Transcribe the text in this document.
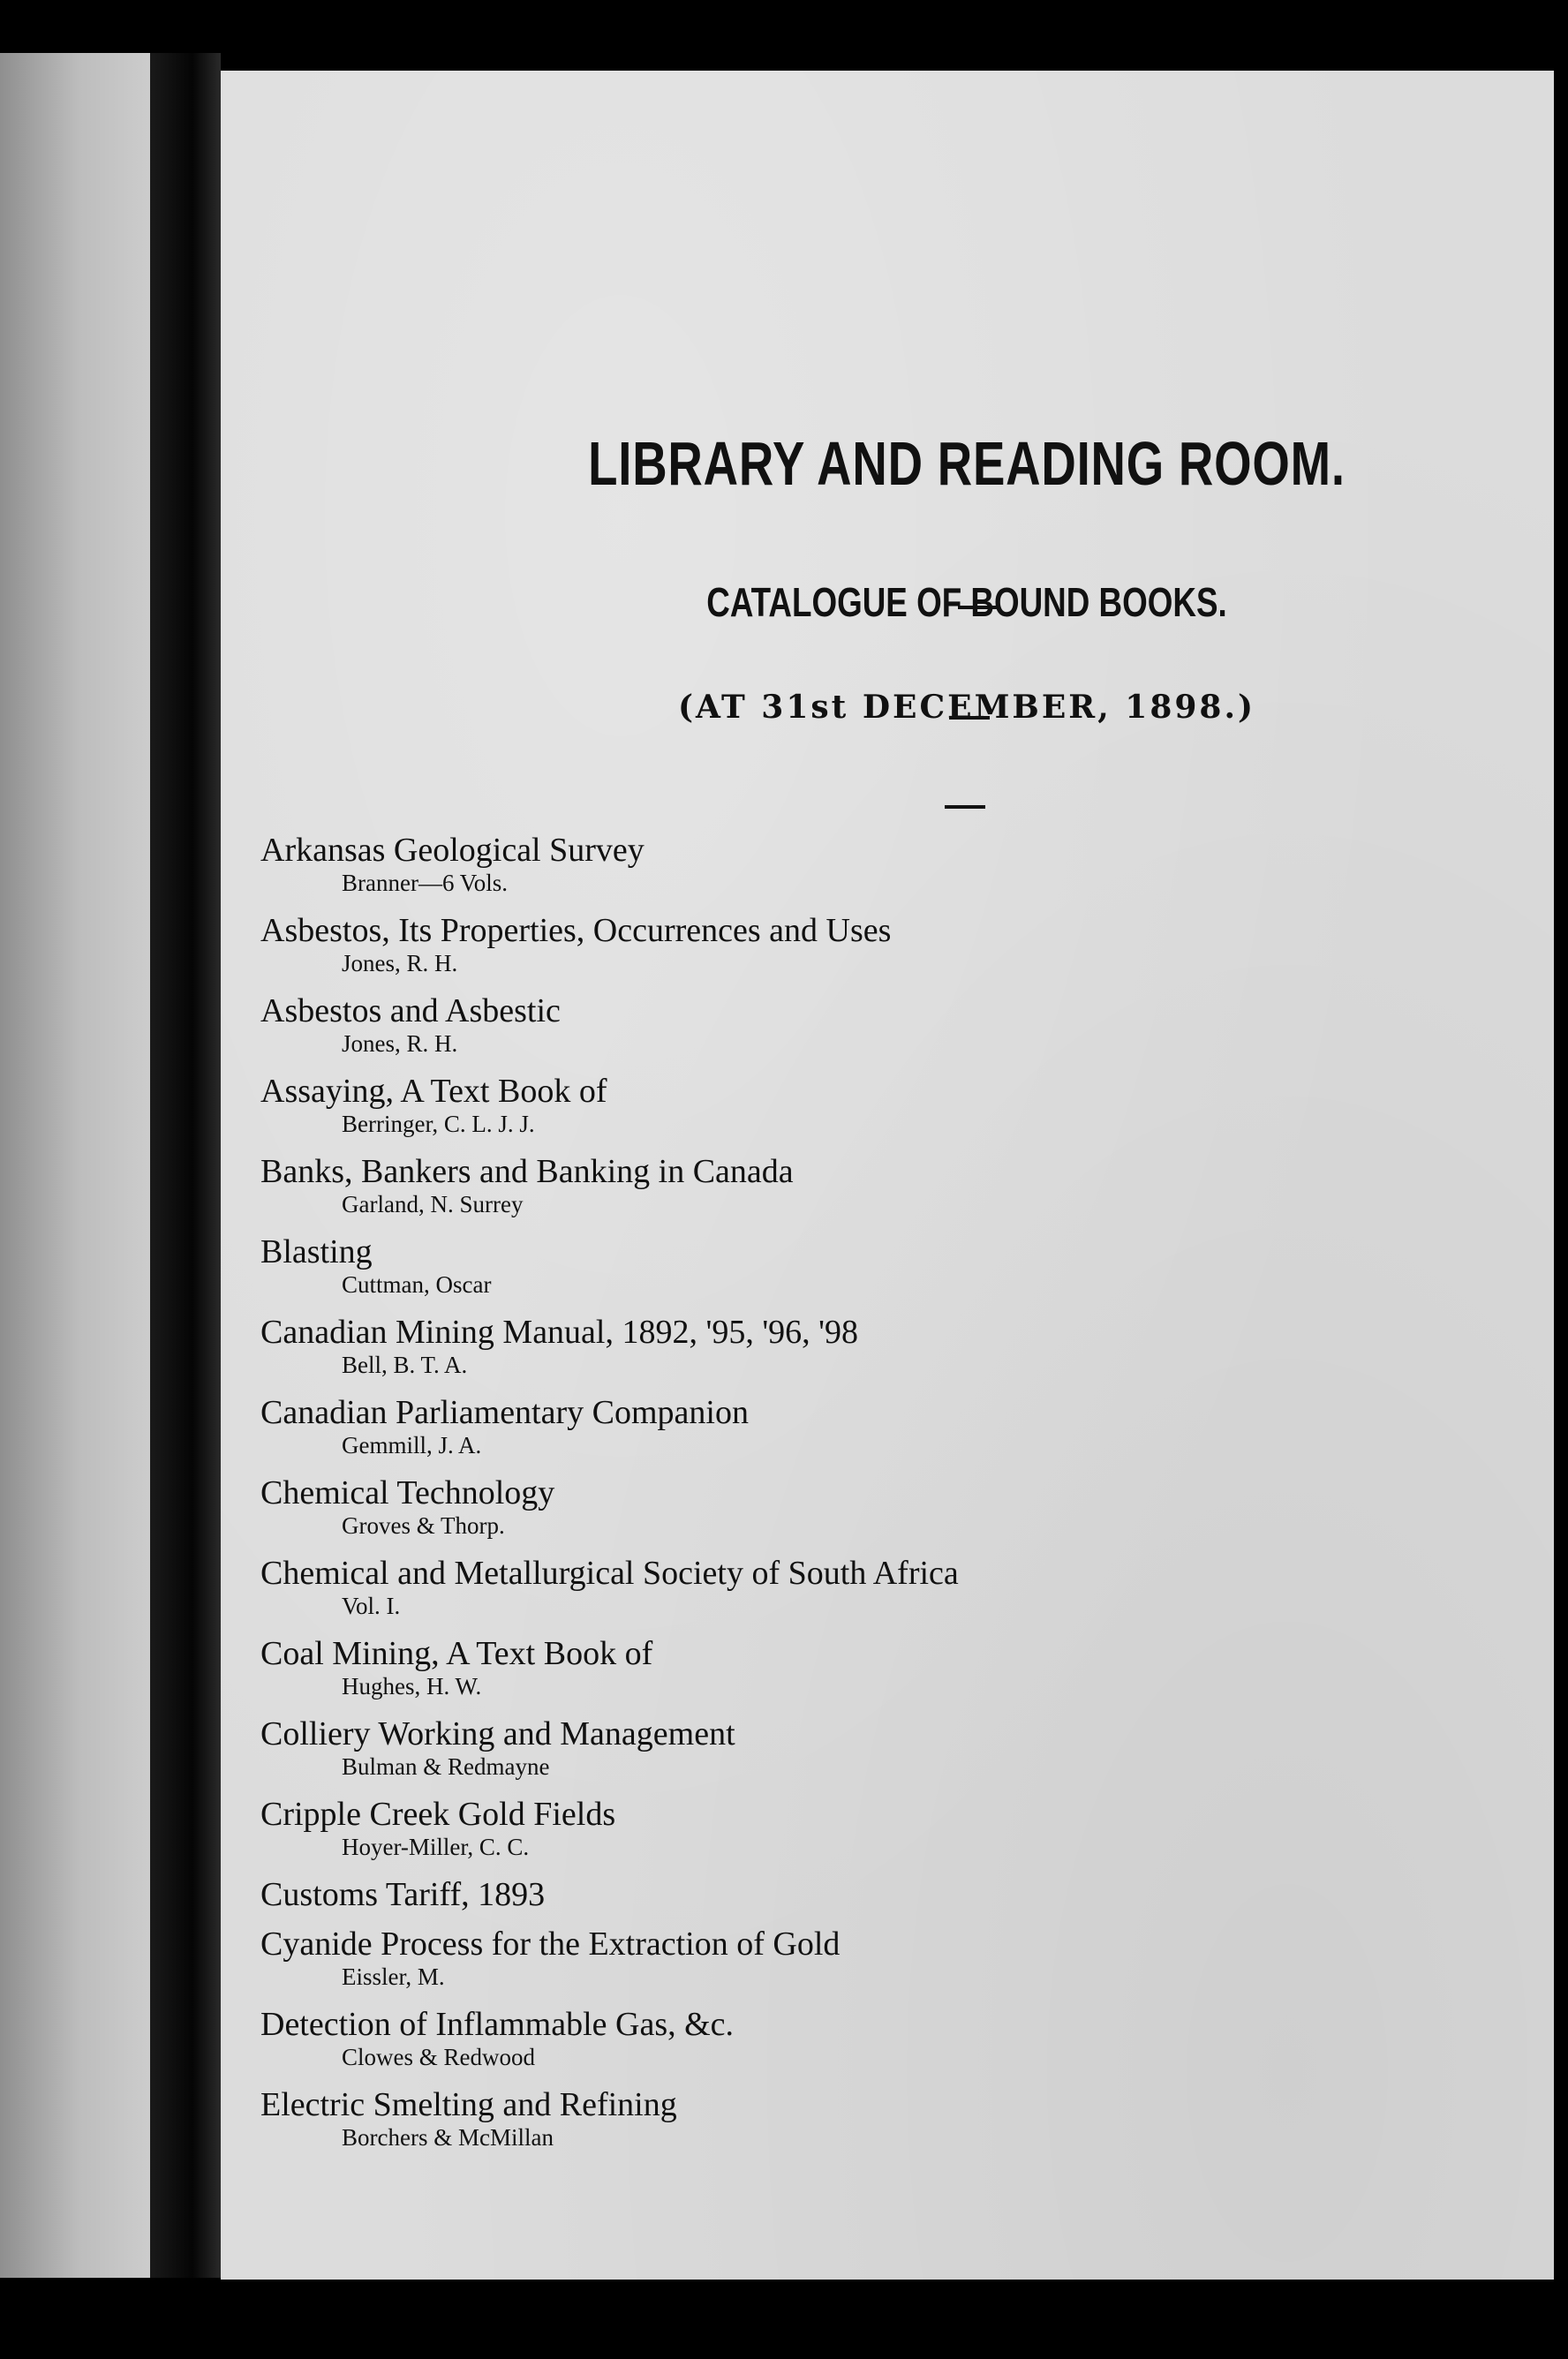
LIBRARY AND READING ROOM.
CATALOGUE OF BOUND BOOKS.
(AT 31st DECEMBER, 1898.)
Arkansas Geological Survey
Branner—6 Vols.
Asbestos, Its Properties, Occurrences and Uses
Jones, R. H.
Asbestos and Asbestic
Jones, R. H.
Assaying, A Text Book of
Berringer, C. L. J. J.
Banks, Bankers and Banking in Canada
Garland, N. Surrey
Blasting
Cuttman, Oscar
Canadian Mining Manual, 1892, '95, '96, '98
Bell, B. T. A.
Canadian Parliamentary Companion
Gemmill, J. A.
Chemical Technology
Groves & Thorp.
Chemical and Metallurgical Society of South Africa
Vol. I.
Coal Mining, A Text Book of
Hughes, H. W.
Colliery Working and Management
Bulman & Redmayne
Cripple Creek Gold Fields
Hoyer-Miller, C. C.
Customs Tariff, 1893
Cyanide Process for the Extraction of Gold
Eissler, M.
Detection of Inflammable Gas, &c.
Clowes & Redwood
Electric Smelting and Refining
Borchers & McMillan
